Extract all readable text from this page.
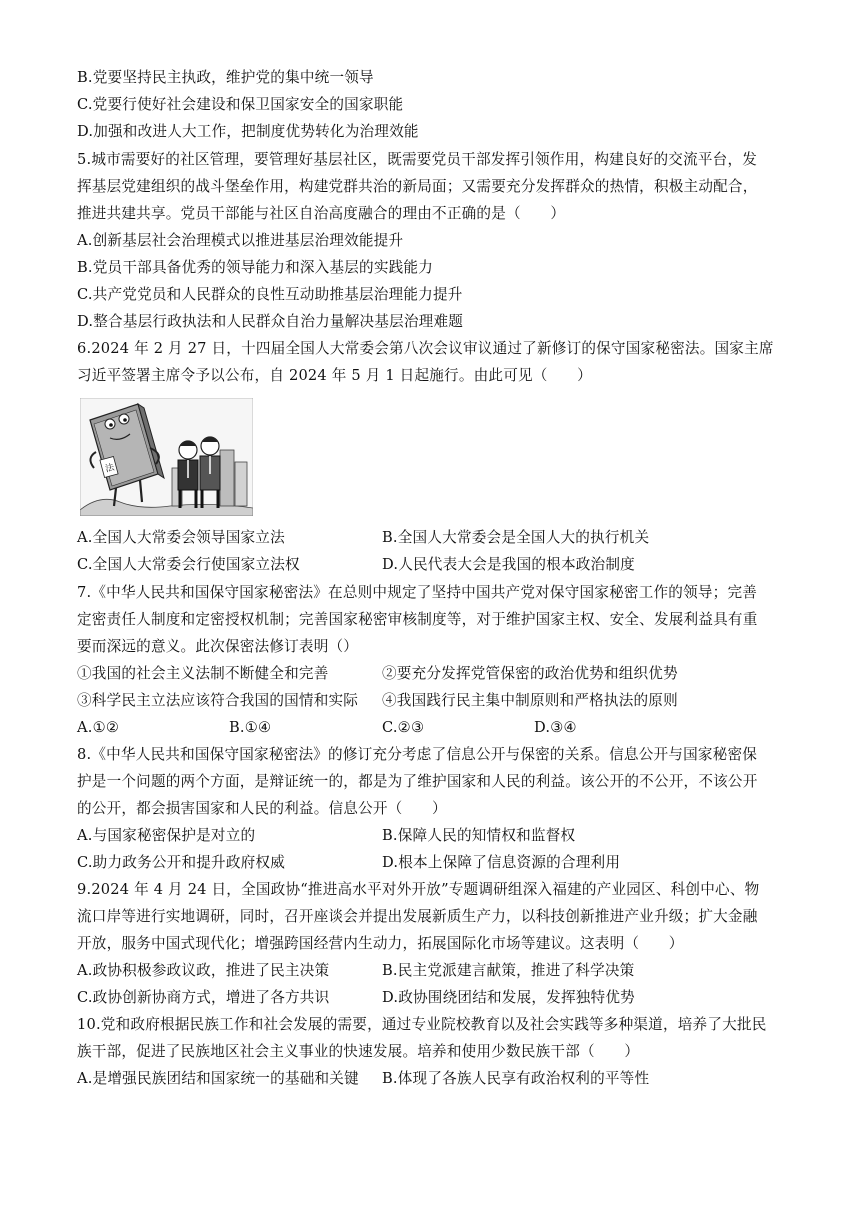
B.党要坚持民主执政，维护党的集中统一领导
C.党要行使好社会建设和保卫国家安全的国家职能
D.加强和改进人大工作，把制度优势转化为治理效能
5.城市需要好的社区管理，要管理好基层社区，既需要党员干部发挥引领作用，构建良好的交流平台，发
挥基层党建组织的战斗堡垒作用，构建党群共治的新局面；又需要充分发挥群众的热情，积极主动配合，
推进共建共享。党员干部能与社区自治高度融合的理由不正确的是（　　）
A.创新基层社会治理模式以推进基层治理效能提升
B.党员干部具备优秀的领导能力和深入基层的实践能力
C.共产党党员和人民群众的良性互动助推基层治理能力提升
D.整合基层行政执法和人民群众自治力量解决基层治理难题
6.2024 年 2 月 27 日，十四届全国人大常委会第八次会议审议通过了新修订的保守国家秘密法。国家主席
习近平签署主席令予以公布，自 2024 年 5 月 1 日起施行。由此可见（　　）
法
A.全国人大常委会领导国家立法	B.全国人大常委会是全国人大的执行机关
C.全国人大常委会行使国家立法权	D.人民代表大会是我国的根本政治制度
7.《中华人民共和国保守国家秘密法》在总则中规定了坚持中国共产党对保守国家秘密工作的领导；完善
定密责任人制度和定密授权机制；完善国家秘密审核制度等，对于维护国家主权、安全、发展利益具有重
要而深远的意义。此次保密法修订表明（）
①我国的社会主义法制不断健全和完善	②要充分发挥党管保密的政治优势和组织优势
③科学民主立法应该符合我国的国情和实际 ④我国践行民主集中制原则和严格执法的原则
A.①②	B.①④	C.②③	D.③④
8.《中华人民共和国保守国家秘密法》的修订充分考虑了信息公开与保密的关系。信息公开与国家秘密保
护是一个问题的两个方面，是辩证统一的，都是为了维护国家和人民的利益。该公开的不公开，不该公开
的公开，都会损害国家和人民的利益。信息公开（　　）
A.与国家秘密保护是对立的	B.保障人民的知情权和监督权
C.助力政务公开和提升政府权威	D.根本上保障了信息资源的合理利用
9.2024 年 4 月 24 日，全国政协“推进高水平对外开放”专题调研组深入福建的产业园区、科创中心、物
流口岸等进行实地调研，同时，召开座谈会并提出发展新质生产力，以科技创新推进产业升级；扩大金融
开放，服务中国式现代化；增强跨国经营内生动力，拓展国际化市场等建议。这表明（　　）
A.政协积极参政议政，推进了民主决策	B.民主党派建言献策，推进了科学决策
C.政协创新协商方式，增进了各方共识	D.政协围绕团结和发展，发挥独特优势
10.党和政府根据民族工作和社会发展的需要，通过专业院校教育以及社会实践等多种渠道，培养了大批民
族干部，促进了民族地区社会主义事业的快速发展。培养和使用少数民族干部（　　）
A.是增强民族团结和国家统一的基础和关键 B.体现了各族人民享有政治权利的平等性
